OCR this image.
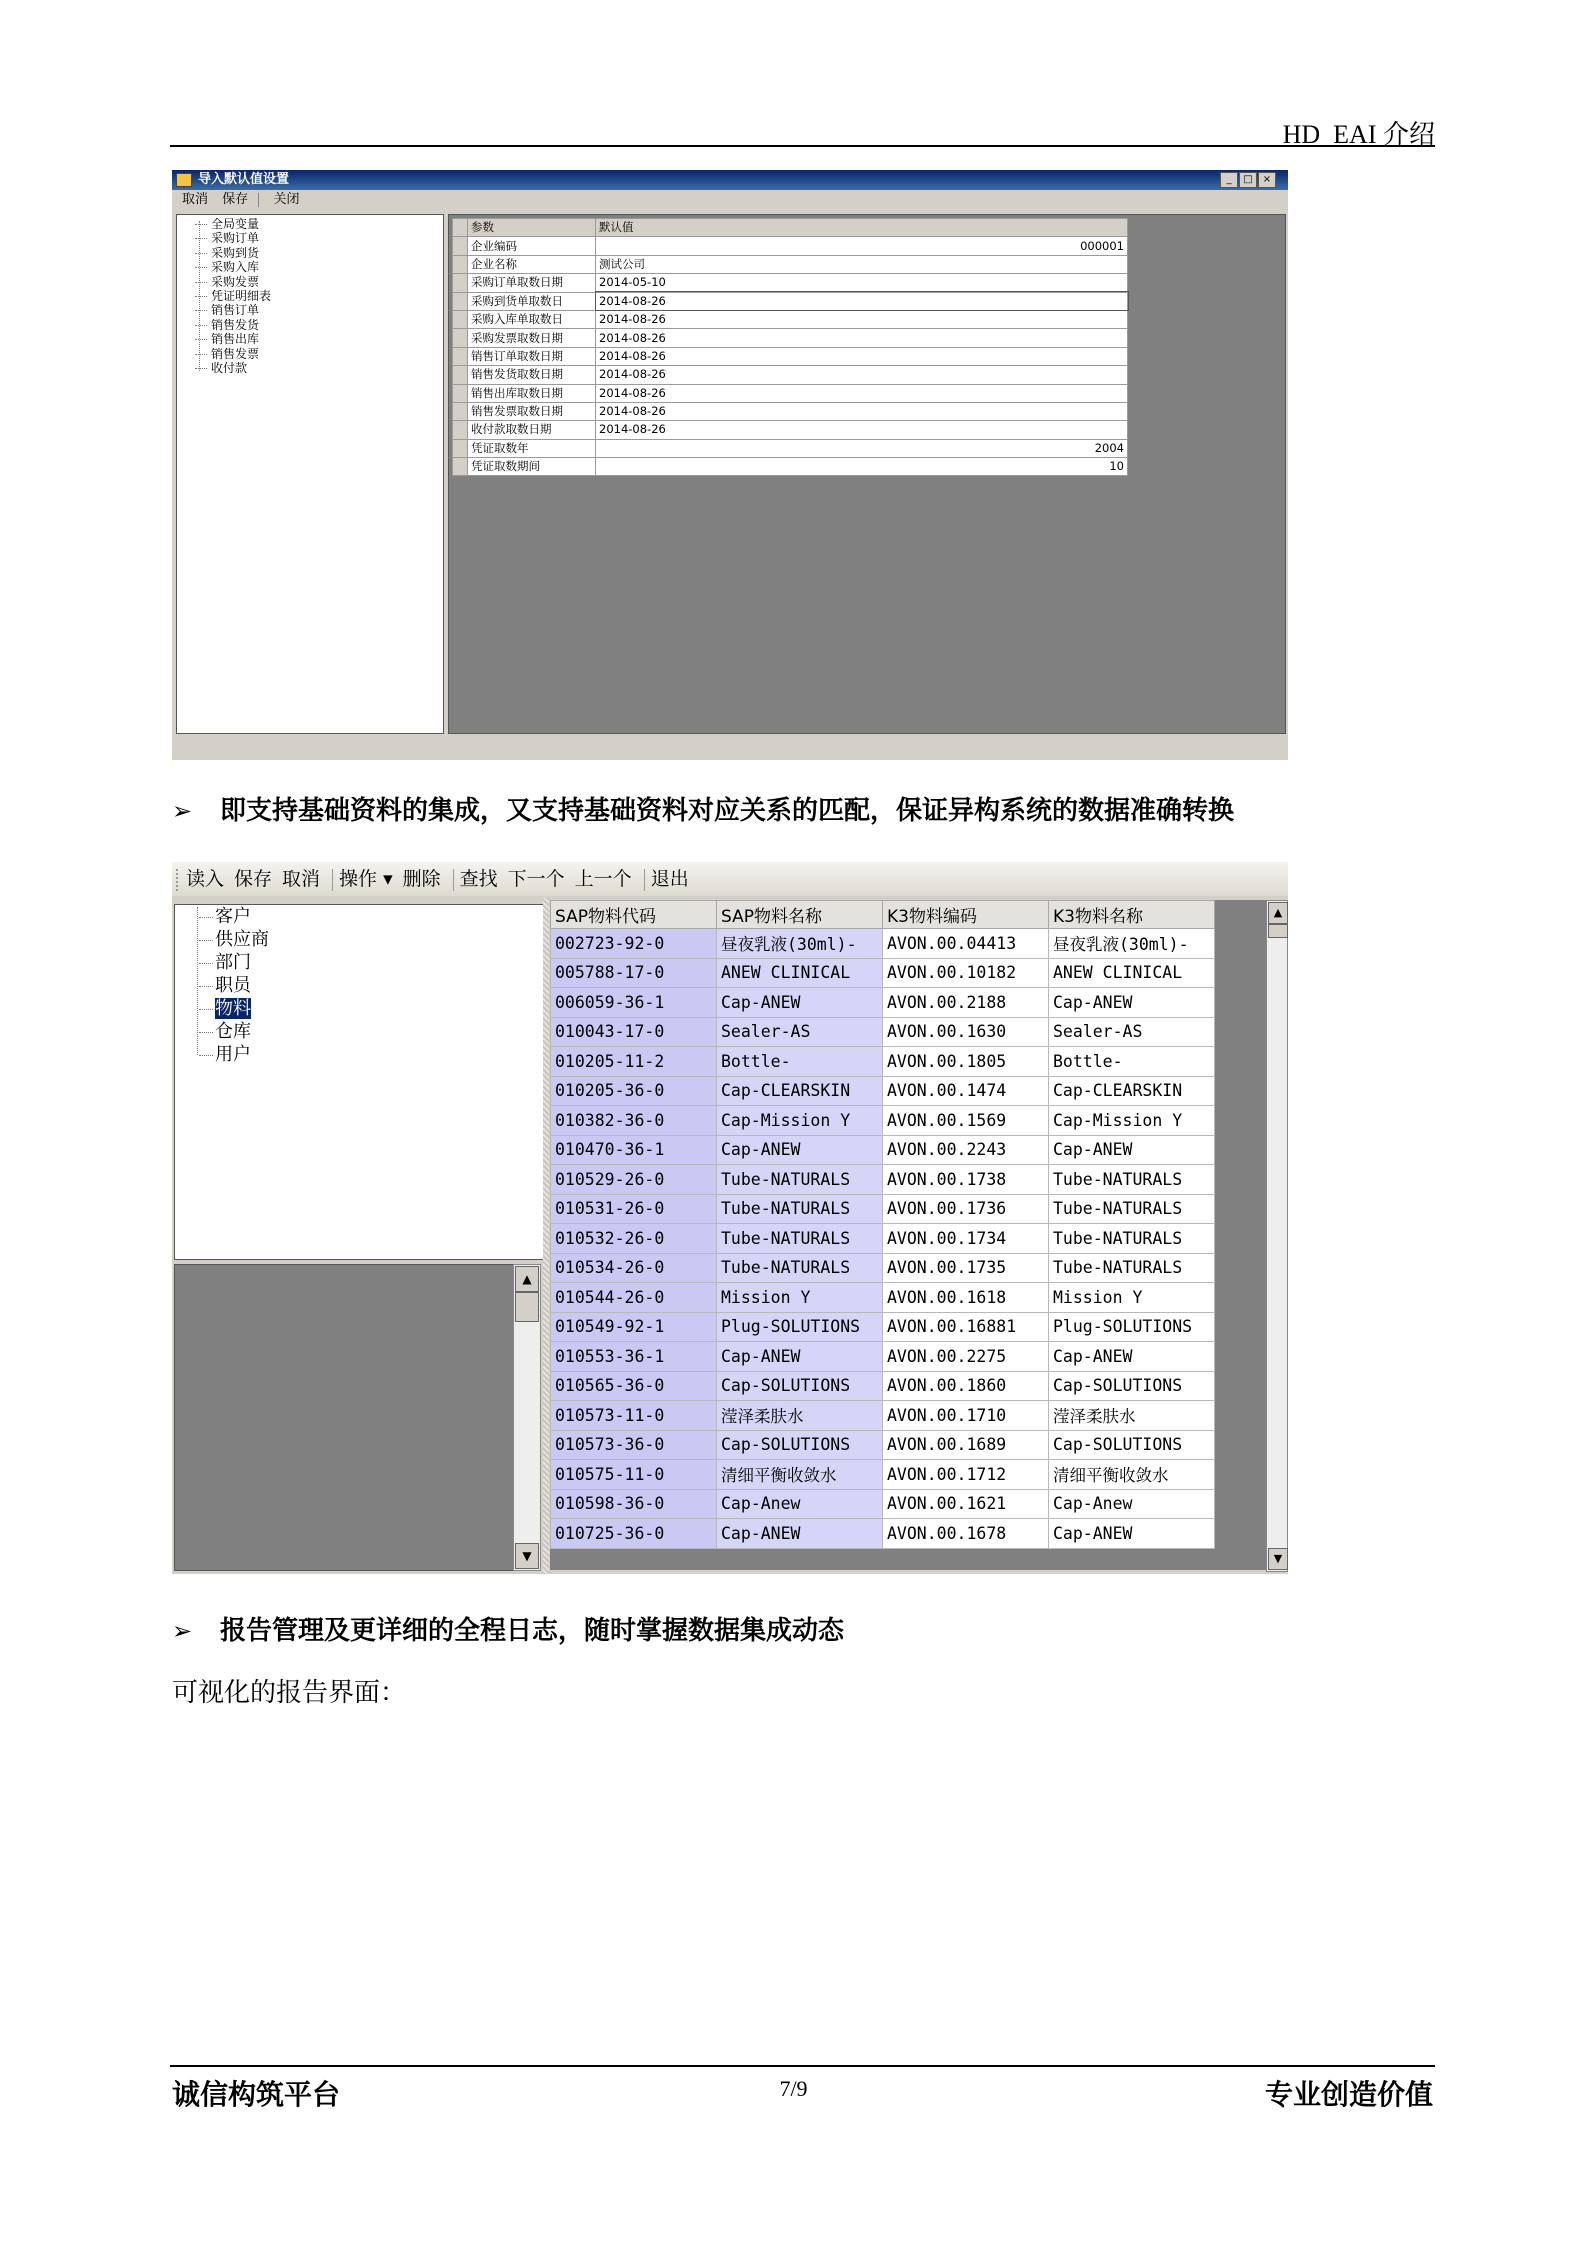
HD_EAI 介绍
导入默认值设置	_	□	×
取消 保存 关闭
全局变量
采购订单
采购到货
采购入库
采购发票
凭证明细表
销售订单
销售发货
销售出库
销售发票
收付款
	参数	默认值
	企业编码	000001
	企业名称	测试公司
	采购订单取数日期	2014-05-10
	采购到货单取数日	2014-08-26
	采购入库单取数日	2014-08-26
	采购发票取数日期	2014-08-26
	销售订单取数日期	2014-08-26
	销售发货取数日期	2014-08-26
	销售出库取数日期	2014-08-26
	销售发票取数日期	2014-08-26
	收付款取数日期	2014-08-26
	凭证取数年	2004
	凭证取数期间	10
➢ 即支持基础资料的集成，又支持基础资料对应关系的匹配，保证异构系统的数据准确转换
读入 保存 取消 操作 ▾ 删除 查找 下一个 上一个 退出
客户
供应商
部门
职员
物料
仓库
用户
▲
▼
SAP物料代码	SAP物料名称	K3物料编码	K3物料名称
002723-92-0	昼夜乳液(30ml)-	AVON.00.04413	昼夜乳液(30ml)-
005788-17-0	ANEW CLINICAL	AVON.00.10182	ANEW CLINICAL
006059-36-1	Cap-ANEW	AVON.00.2188	Cap-ANEW
010043-17-0	Sealer-AS	AVON.00.1630	Sealer-AS
010205-11-2	Bottle-	AVON.00.1805	Bottle-
010205-36-0	Cap-CLEARSKIN	AVON.00.1474	Cap-CLEARSKIN
010382-36-0	Cap-Mission Y	AVON.00.1569	Cap-Mission Y
010470-36-1	Cap-ANEW	AVON.00.2243	Cap-ANEW
010529-26-0	Tube-NATURALS	AVON.00.1738	Tube-NATURALS
010531-26-0	Tube-NATURALS	AVON.00.1736	Tube-NATURALS
010532-26-0	Tube-NATURALS	AVON.00.1734	Tube-NATURALS
010534-26-0	Tube-NATURALS	AVON.00.1735	Tube-NATURALS
010544-26-0	Mission Y	AVON.00.1618	Mission Y
010549-92-1	Plug-SOLUTIONS	AVON.00.16881	Plug-SOLUTIONS
010553-36-1	Cap-ANEW	AVON.00.2275	Cap-ANEW
010565-36-0	Cap-SOLUTIONS	AVON.00.1860	Cap-SOLUTIONS
010573-11-0	滢泽柔肤水	AVON.00.1710	滢泽柔肤水
010573-36-0	Cap-SOLUTIONS	AVON.00.1689	Cap-SOLUTIONS
010575-11-0	清细平衡收敛水	AVON.00.1712	清细平衡收敛水
010598-36-0	Cap-Anew	AVON.00.1621	Cap-Anew
010725-36-0	Cap-ANEW	AVON.00.1678	Cap-ANEW
▲
▼
➢ 报告管理及更详细的全程日志，随时掌握数据集成动态
可视化的报告界面：
诚信构筑平台	7/9	专业创造价值
